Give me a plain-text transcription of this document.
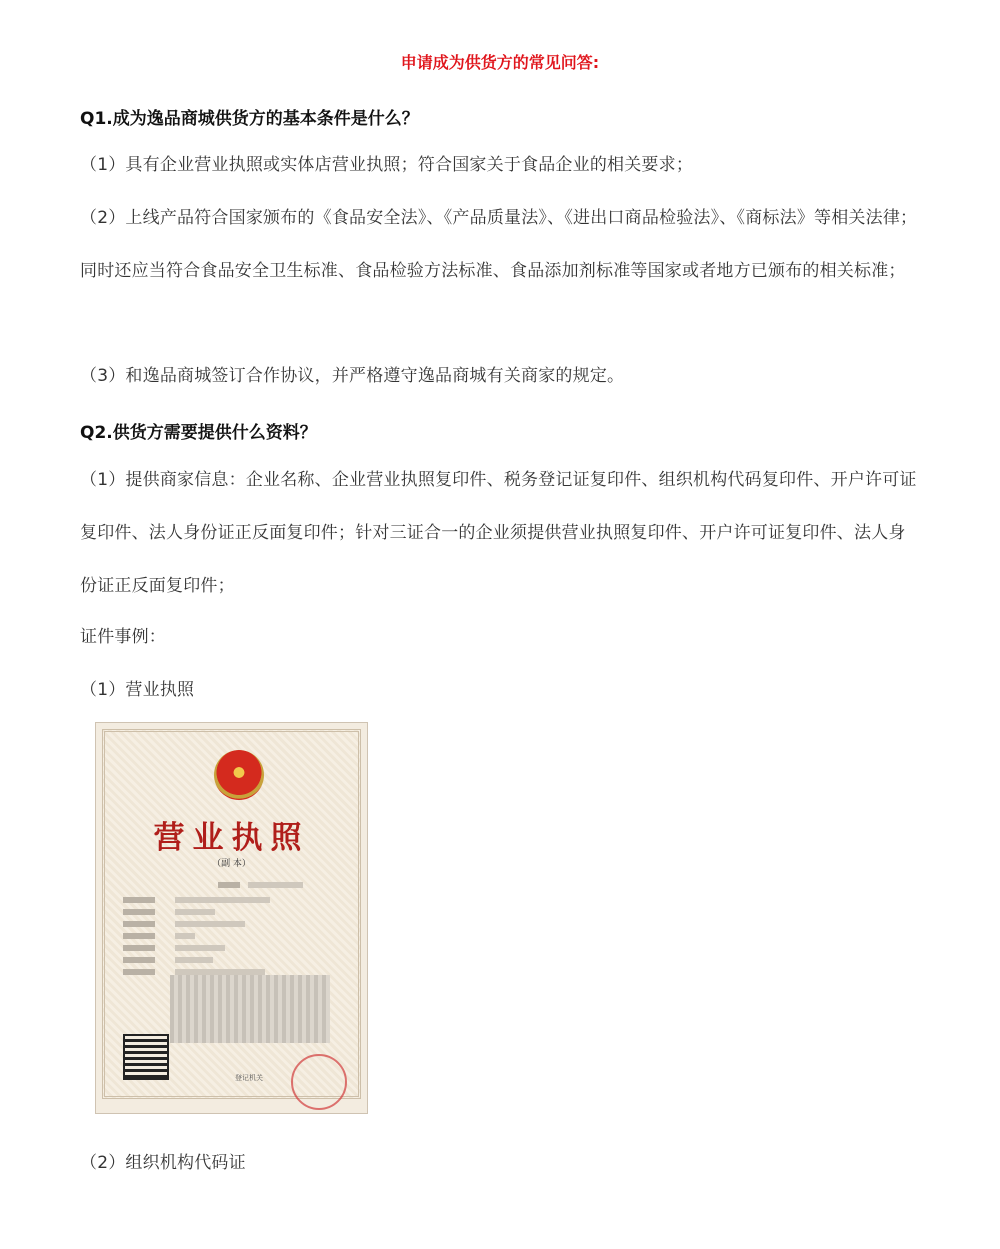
申请成为供货方的常见问答:
Q1.成为逸品商城供货方的基本条件是什么？
（1）具有企业营业执照或实体店营业执照；符合国家关于食品企业的相关要求；
（2）上线产品符合国家颁布的《食品安全法》、《产品质量法》、《进出口商品检验法》、《商标法》等相关法律；同时还应当符合食品安全卫生标准、食品检验方法标准、食品添加剂标准等国家或者地方已颁布的相关标准；
（3）和逸品商城签订合作协议，并严格遵守逸品商城有关商家的规定。
Q2.供货方需要提供什么资料？
（1）提供商家信息：企业名称、企业营业执照复印件、税务登记证复印件、组织机构代码复印件、开户许可证复印件、法人身份证正反面复印件；针对三证合一的企业须提供营业执照复印件、开户许可证复印件、法人身份证正反面复印件；
证件事例：
（1）营业执照
营业执照
（副 本）
登记机关
（2）组织机构代码证
